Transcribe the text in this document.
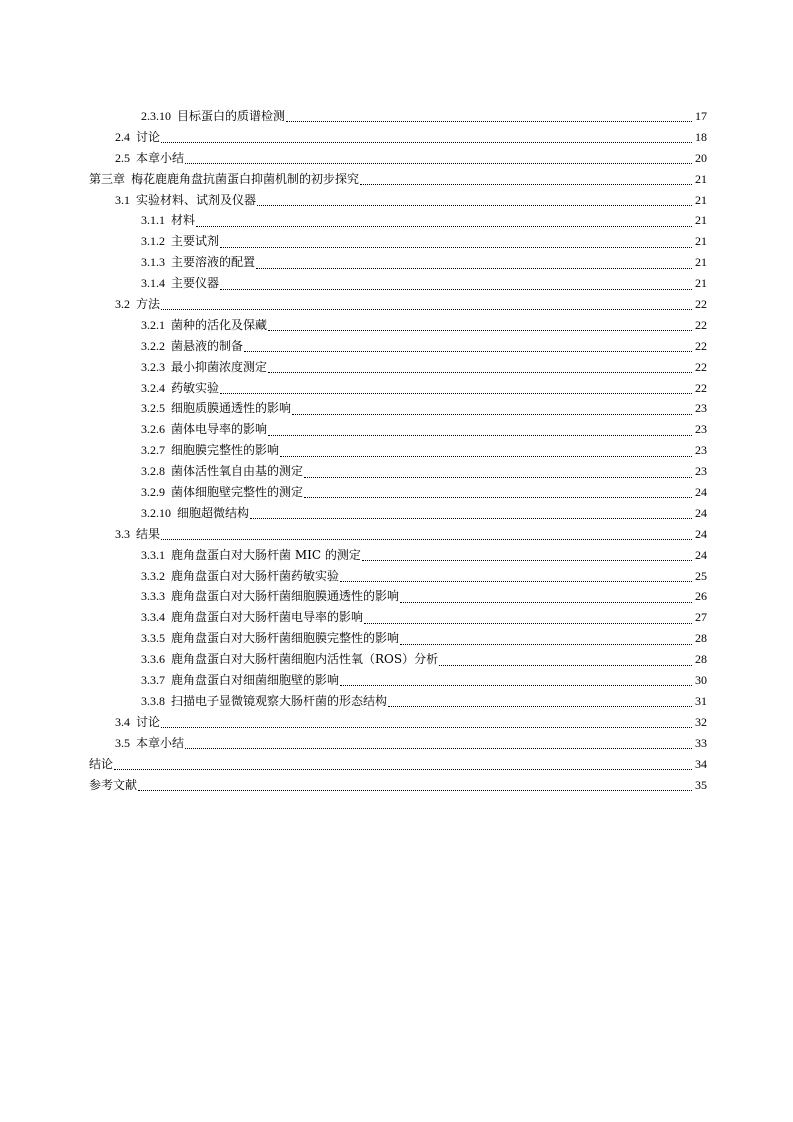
2.3.10 目标蛋白的质谱检测	17
2.4 讨论	18
2.5 本章小结	20
第三章 梅花鹿鹿角盘抗菌蛋白抑菌机制的初步探究	21
3.1 实验材料、试剂及仪器	21
3.1.1 材料	21
3.1.2 主要试剂	21
3.1.3 主要溶液的配置	21
3.1.4 主要仪器	21
3.2 方法	22
3.2.1 菌种的活化及保藏	22
3.2.2 菌悬液的制备	22
3.2.3 最小抑菌浓度测定	22
3.2.4 药敏实验	22
3.2.5 细胞质膜通透性的影响	23
3.2.6 菌体电导率的影响	23
3.2.7 细胞膜完整性的影响	23
3.2.8 菌体活性氧自由基的测定	23
3.2.9 菌体细胞壁完整性的测定	24
3.2.10 细胞超微结构	24
3.3 结果	24
3.3.1 鹿角盘蛋白对大肠杆菌 MIC 的测定	24
3.3.2 鹿角盘蛋白对大肠杆菌药敏实验	25
3.3.3 鹿角盘蛋白对大肠杆菌细胞膜通透性的影响	26
3.3.4 鹿角盘蛋白对大肠杆菌电导率的影响	27
3.3.5 鹿角盘蛋白对大肠杆菌细胞膜完整性的影响	28
3.3.6 鹿角盘蛋白对大肠杆菌细胞内活性氧（ROS）分析	28
3.3.7 鹿角盘蛋白对细菌细胞壁的影响	30
3.3.8 扫描电子显微镜观察大肠杆菌的形态结构	31
3.4 讨论	32
3.5 本章小结	33
结论	34
参考文献	35
